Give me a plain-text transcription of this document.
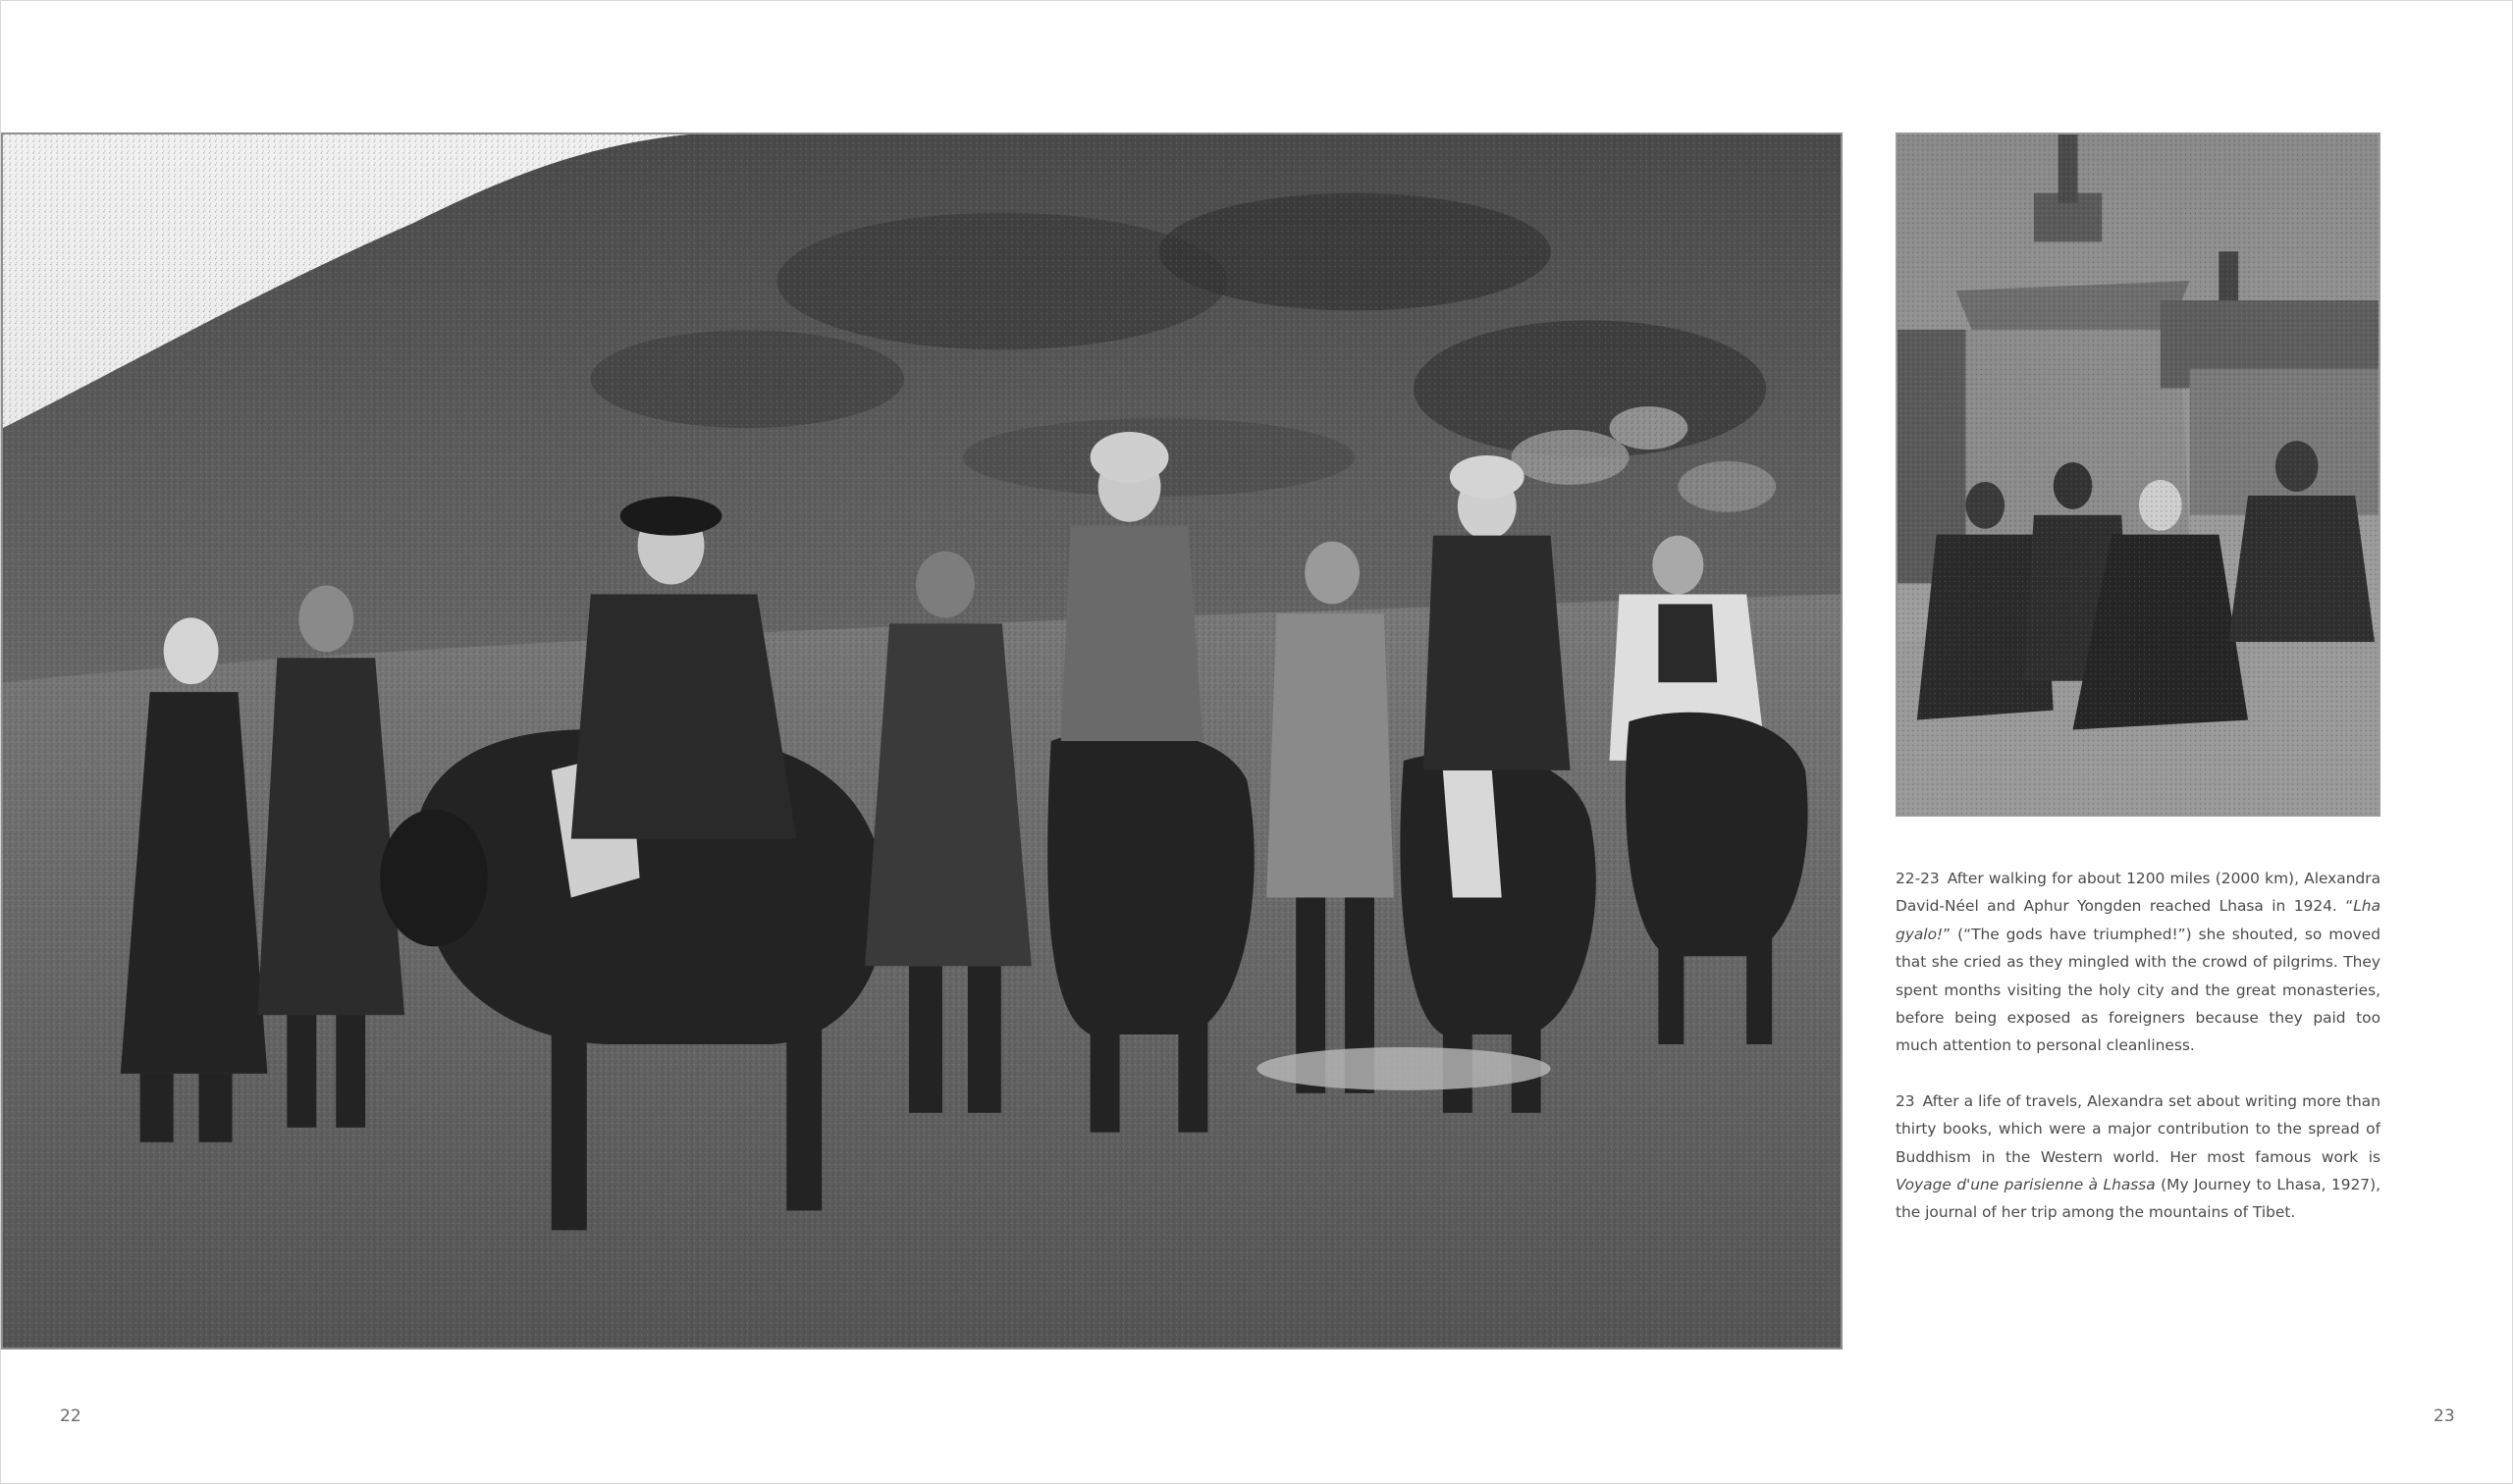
22-23 After walking for about 1200 miles (2000 km), Alexandra David-Néel and Aphur Yongden reached Lhasa in 1924. “Lha gyalo!” (“The gods have triumphed!”) she shouted, so moved that she cried as they mingled with the crowd of pilgrims. They spent months visiting the holy city and the great monasteries, before being exposed as foreigners because they paid too much attention to personal cleanliness.

23 After a life of travels, Alexandra set about writing more than thirty books, which were a major contribution to the spread of Buddhism in the Western world. Her most famous work is Voyage d'une parisienne à Lhassa (My Journey to Lhasa, 1927), the journal of her trip among the mountains of Tibet.

22	23
